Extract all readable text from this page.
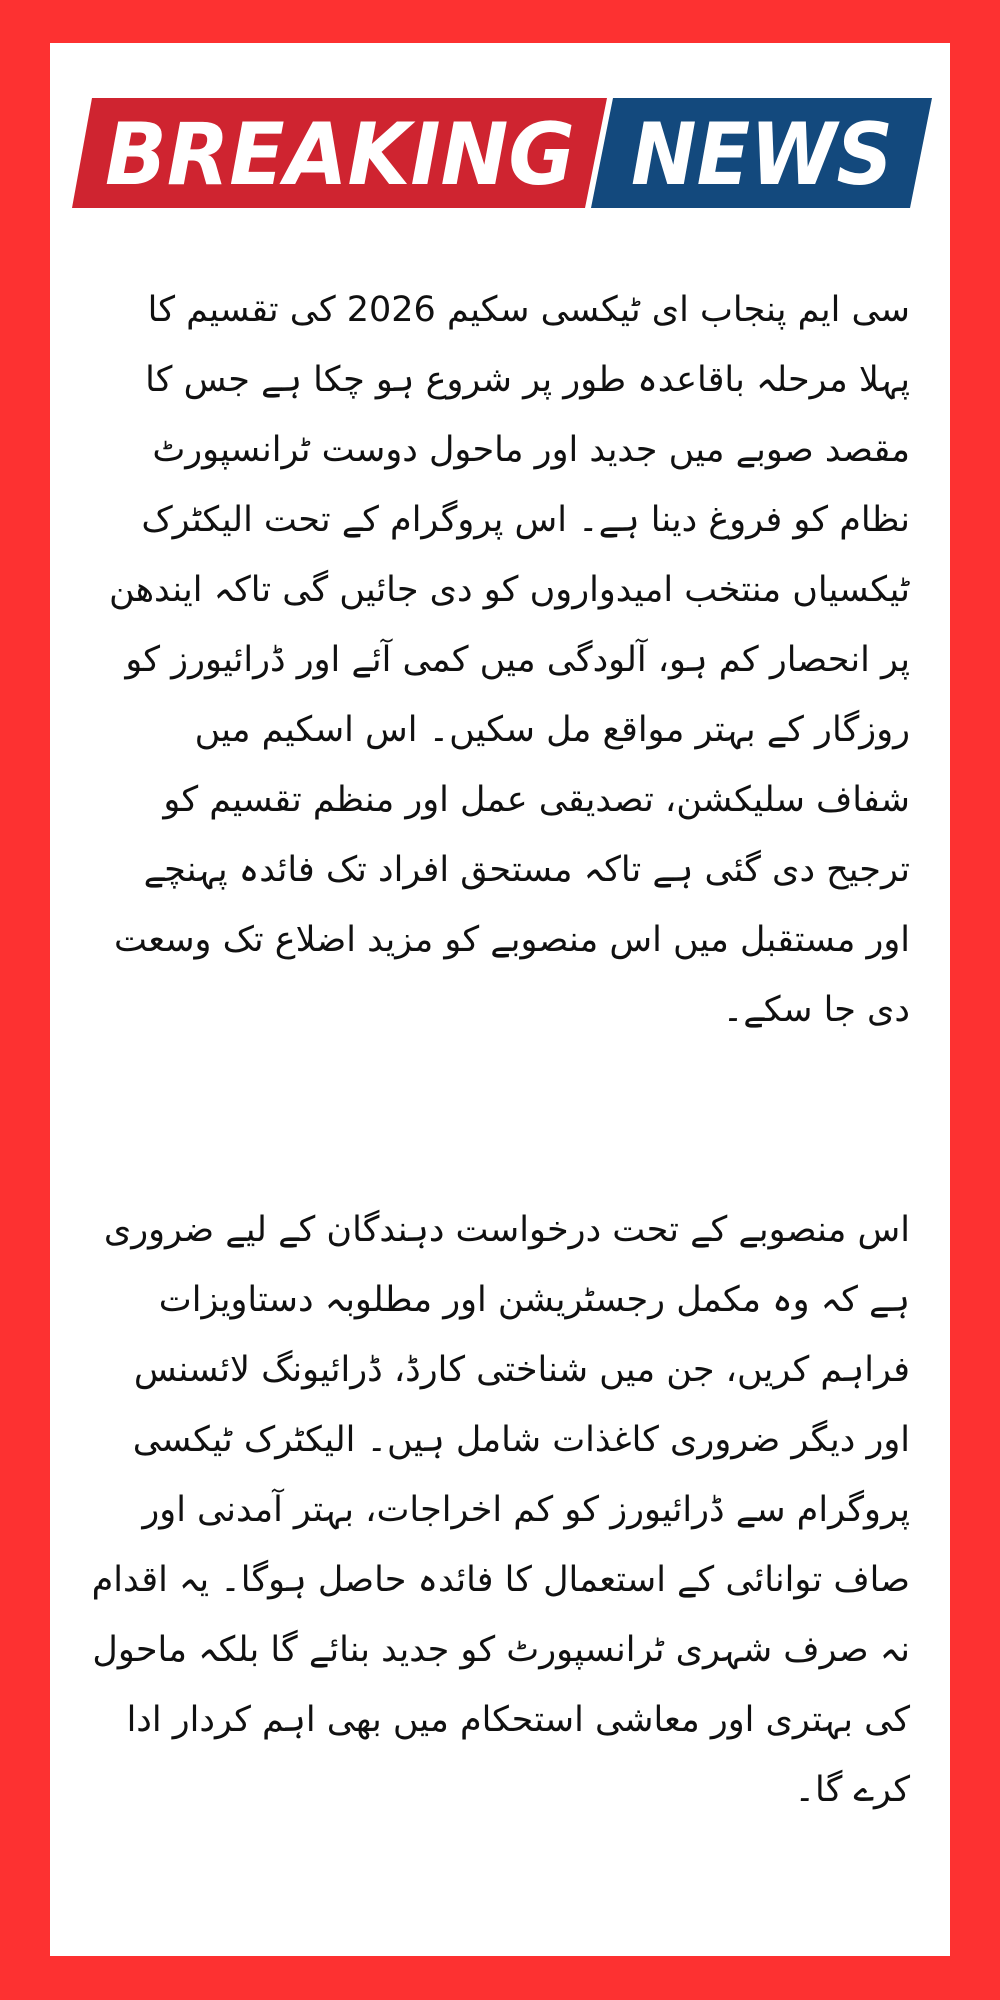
BREAKING NEWS

سی ایم پنجاب ای ٹیکسی سکیم 2026 کی تقسیم کا پہلا مرحلہ باقاعدہ طور پر شروع ہو چکا ہے جس کا مقصد صوبے میں جدید اور ماحول دوست ٹرانسپورٹ نظام کو فروغ دینا ہے۔ اس پروگرام کے تحت الیکٹرک ٹیکسیاں منتخب امیدواروں کو دی جائیں گی تاکہ ایندھن پر انحصار کم ہو، آلودگی میں کمی آئے اور ڈرائیورز کو روزگار کے بہتر مواقع مل سکیں۔ اس اسکیم میں شفاف سلیکشن، تصدیقی عمل اور منظم تقسیم کو ترجیح دی گئی ہے تاکہ مستحق افراد تک فائدہ پہنچے اور مستقبل میں اس منصوبے کو مزید اضلاع تک وسعت دی جا سکے۔

اس منصوبے کے تحت درخواست دہندگان کے لیے ضروری ہے کہ وہ مکمل رجسٹریشن اور مطلوبہ دستاویزات فراہم کریں، جن میں شناختی کارڈ، ڈرائیونگ لائسنس اور دیگر ضروری کاغذات شامل ہیں۔ الیکٹرک ٹیکسی پروگرام سے ڈرائیورز کو کم اخراجات، بہتر آمدنی اور صاف توانائی کے استعمال کا فائدہ حاصل ہوگا۔ یہ اقدام نہ صرف شہری ٹرانسپورٹ کو جدید بنائے گا بلکہ ماحول کی بہتری اور معاشی استحکام میں بھی اہم کردار ادا کرے گا۔
